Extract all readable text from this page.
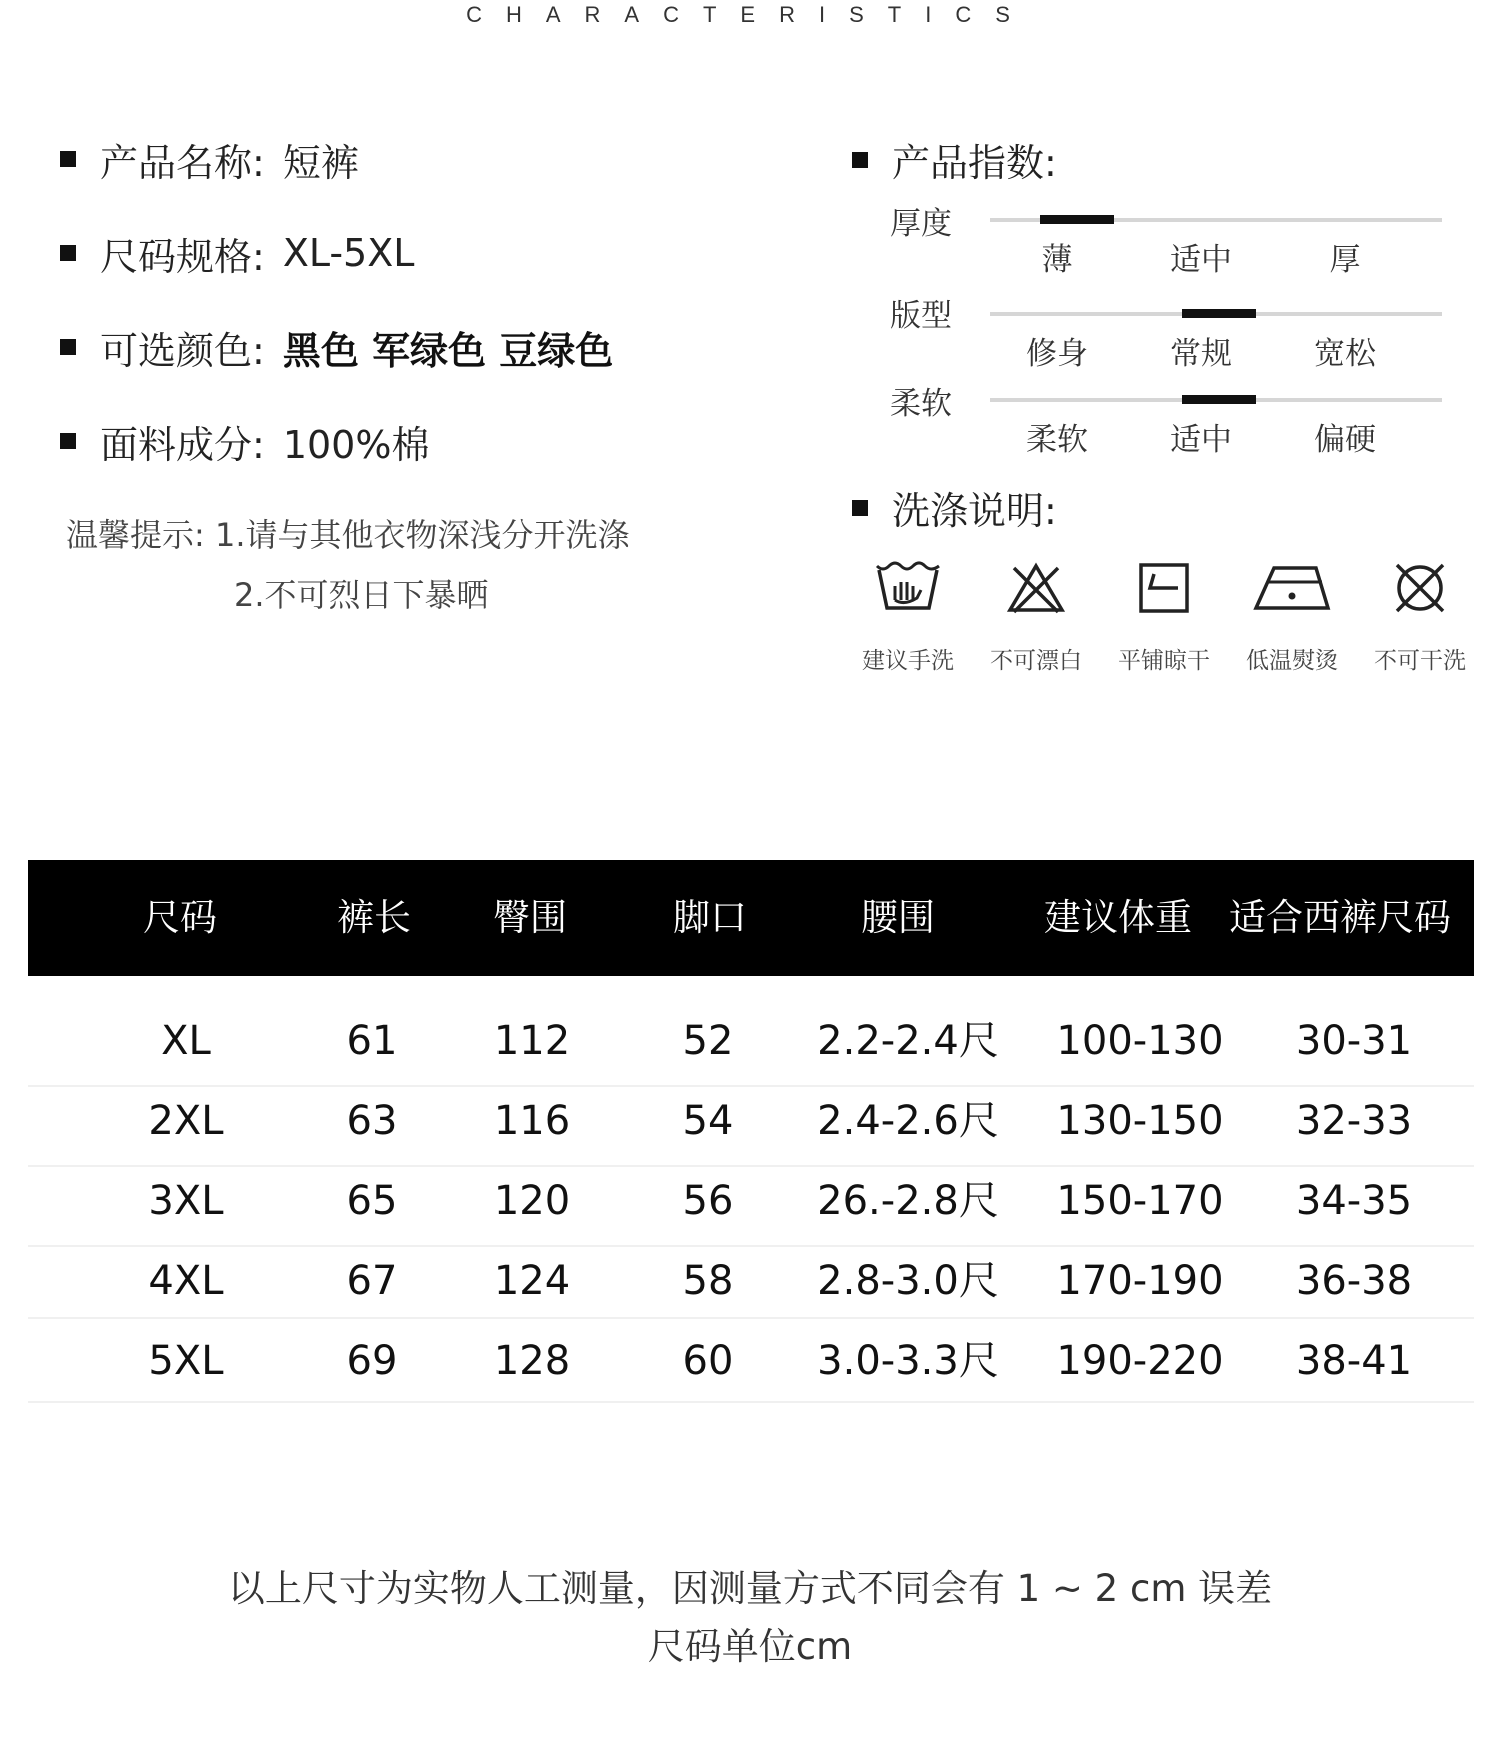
CHARACTERISTICS
产品名称: 短裤
尺码规格: XL-5XL
可选颜色: 黑色 军绿色 豆绿色
面料成分: 100%棉
温馨提示: 1.请与其他衣物深浅分开洗涤
2.不可烈日下暴晒
产品指数:
厚度
薄	适中	厚
版型
修身	常规	宽松
柔软
柔软	适中	偏硬
洗涤说明:
建议手洗	不可漂白	平铺晾干	低温熨烫	不可干洗
尺码	裤长	臀围	脚口	腰围	建议体重	适合西裤尺码
XL	61	112	52	2.2-2.4尺	100-130	30-31
2XL	63	116	54	2.4-2.6尺	130-150	32-33
3XL	65	120	56	26.-2.8尺	150-170	34-35
4XL	67	124	58	2.8-3.0尺	170-190	36-38
5XL	69	128	60	3.0-3.3尺	190-220	38-41
以上尺寸为实物人工测量，因测量方式不同会有 1 ~ 2 cm 误差
尺码单位cm
